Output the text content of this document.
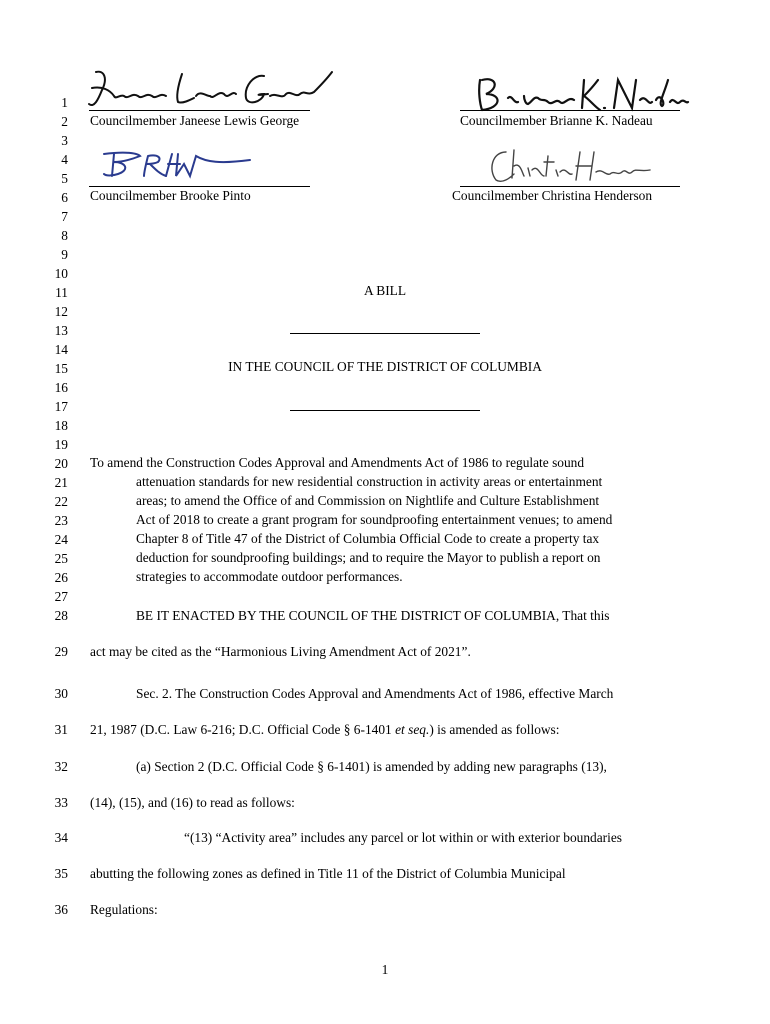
1
2
3
4
5
6
7
8
9
10
11
12
13
14
15
16
17
18
19
20
21
22
23
24
25
26
27
28
29
30
31
32
33
34
35
36
Councilmember Janeese Lewis George	Councilmember Brianne K. Nadeau
Councilmember Brooke Pinto	Councilmember Christina Henderson
A BILL
IN THE COUNCIL OF THE DISTRICT OF COLUMBIA
To amend the Construction Codes Approval and Amendments Act of 1986 to regulate sound
attenuation standards for new residential construction in activity areas or entertainment
areas; to amend the Office of and Commission on Nightlife and Culture Establishment
Act of 2018 to create a grant program for soundproofing entertainment venues; to amend
Chapter 8 of Title 47 of the District of Columbia Official Code to create a property tax
deduction for soundproofing buildings; and to require the Mayor to publish a report on
strategies to accommodate outdoor performances.
BE IT ENACTED BY THE COUNCIL OF THE DISTRICT OF COLUMBIA, That this
act may be cited as the “Harmonious Living Amendment Act of 2021”.
Sec. 2. The Construction Codes Approval and Amendments Act of 1986, effective March
21, 1987 (D.C. Law 6-216; D.C. Official Code § 6-1401 et seq.) is amended as follows:
(a) Section 2 (D.C. Official Code § 6-1401) is amended by adding new paragraphs (13),
(14), (15), and (16) to read as follows:
“(13) “Activity area” includes any parcel or lot within or with exterior boundaries
abutting the following zones as defined in Title 11 of the District of Columbia Municipal
Regulations:
1
